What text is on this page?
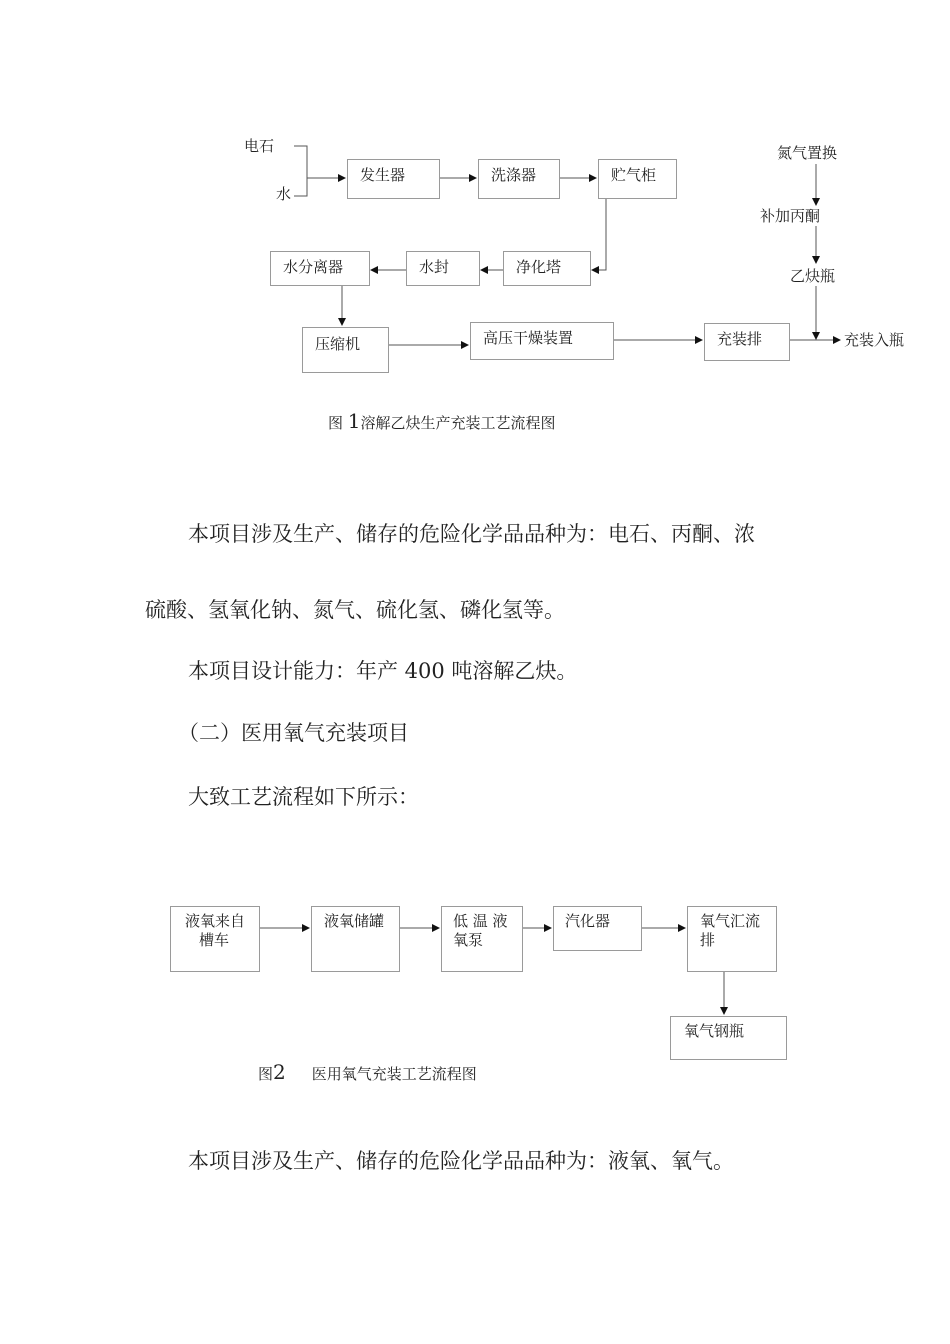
电石
水
发生器	洗涤器	贮气柜
水分离器	水封	净化塔
压缩机	高压干燥装置	充装排
氮气置换
补加丙酮
乙炔瓶
充装入瓶
图 1溶解乙炔生产充装工艺流程图
本项目涉及生产、储存的危险化学品品种为：电石、丙酮、浓
硫酸、氢氧化钠、氮气、硫化氢、磷化氢等。
本项目设计能力：年产 400 吨溶解乙炔。
（二）医用氧气充装项目
大致工艺流程如下所示：
液氧来自
槽车
液氧储罐	低 温 液
氧泵
汽化器	氧气汇流
排
氧气钢瓶
图2 医用氧气充装工艺流程图
本项目涉及生产、储存的危险化学品品种为：液氧、氧气。
